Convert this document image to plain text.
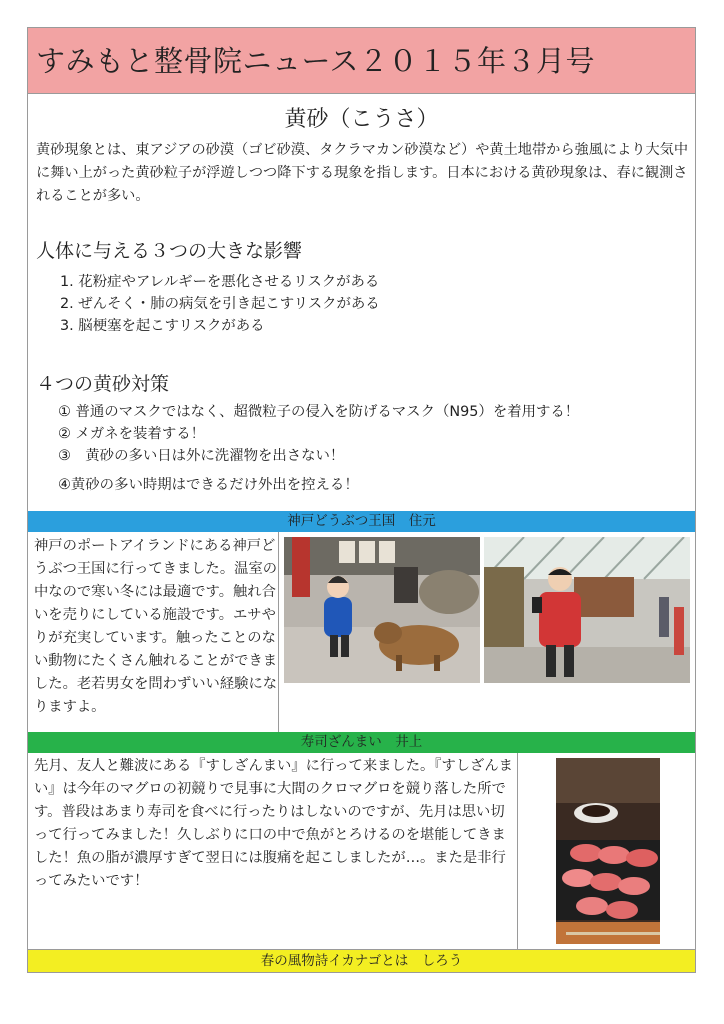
すみもと整骨院ニュース２０１５年３月号
黄砂（こうさ）
黄砂現象とは、東アジアの砂漠（ゴビ砂漠、タクラマカン砂漠など）や黄土地帯から強風により大気中に舞い上がった黄砂粒子が浮遊しつつ降下する現象を指します。日本における黄砂現象は、春に観測されることが多い。
人体に与える３つの大きな影響
1. 花粉症やアレルギーを悪化させるリスクがある
2. ぜんそく・肺の病気を引き起こすリスクがある
3. 脳梗塞を起こすリスクがある
４つの黄砂対策
① 普通のマスクではなく、超微粒子の侵入を防げるマスク（N95）を着用する！
② メガネを装着する！
③　黄砂の多い日は外に洗濯物を出さない！
④黄砂の多い時期はできるだけ外出を控える！
神戸どうぶつ王国　住元
神戸のポートアイランドにある神戸どうぶつ王国に行ってきました。温室の中なので寒い冬には最適です。触れ合いを売りにしている施設です。エサやりが充実しています。触ったことのない動物にたくさん触れることができました。老若男女を問わずいい経験になりますよ。
寿司ざんまい　井上
先月、友人と難波にある『すしざんまい』に行って来ました。『すしざんまい』は今年のマグロの初競りで見事に大間のクロマグロを競り落した所です。普段はあまり寿司を食べに行ったりはしないのですが、先月は思い切って行ってみました！久しぶりに口の中で魚がとろけるのを堪能してきました！魚の脂が濃厚すぎて翌日には腹痛を起こしましたが…。また是非行ってみたいです！
春の風物詩イカナゴとは　しろう
